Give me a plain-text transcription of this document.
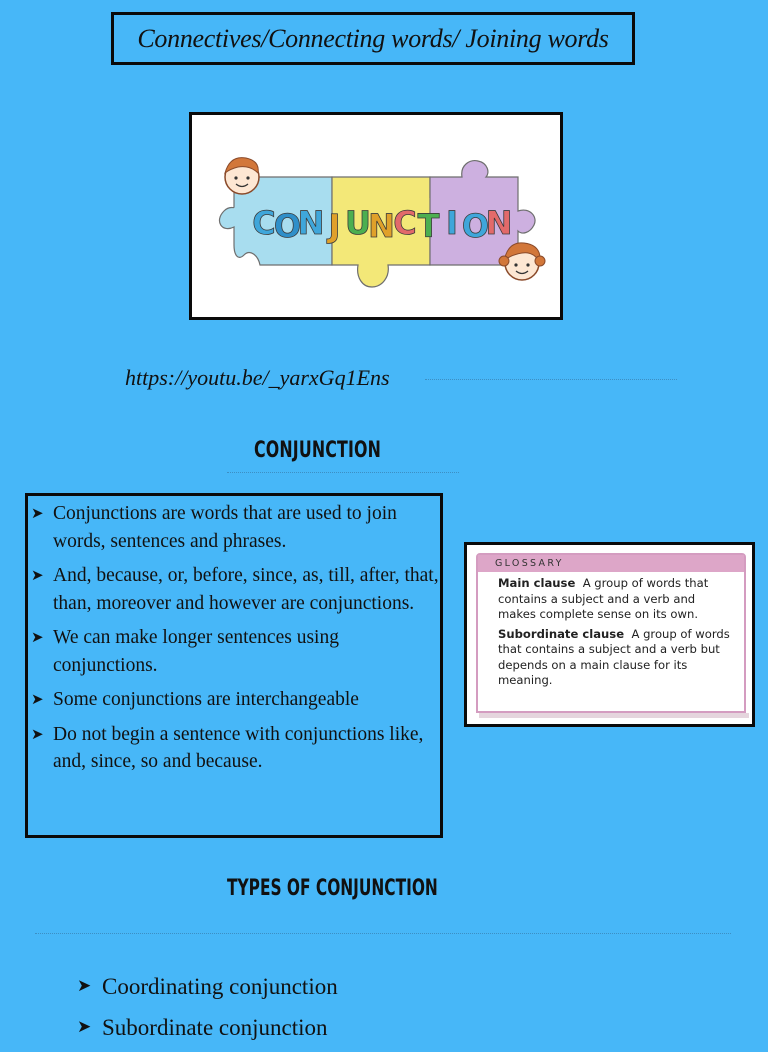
Connectives/Connecting words/ Joining words
C
O
N J U
N
C T I O
N
https://youtu.be/_yarxGq1Ens
CONJUNCTION
➤ Conjunctions are words that are used to join words, sentences and phrases.
➤ And, because, or, before, since, as, till, after, that, than, moreover and however are conjunctions.
➤ We can make longer sentences using conjunctions.
➤ Some conjunctions are interchangeable
➤ Do not begin a sentence with conjunctions like, and, since, so and because.
GLOSSARY

Main clause A group of words that contains a subject and a verb and makes complete sense on its own.

Subordinate clause A group of words that contains a subject and a verb but depends on a main clause for its meaning.

TYPES OF CONJUNCTION
➤ Coordinating conjunction
➤ Subordinate conjunction
